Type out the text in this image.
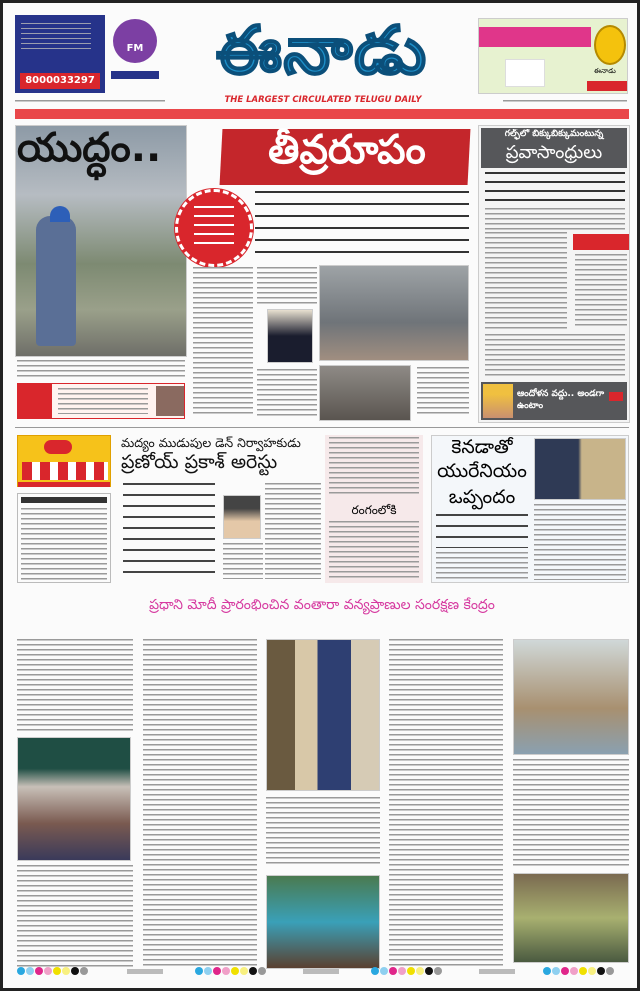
8000033297
FM	ఈనాడు
THE LARGEST CIRCULATED TELUGU DAILY
ఈనాడు
యుద్ధం..	తీవ్రరూపం	గల్ఫ్‌లో బిక్కుబిక్కుమంటున్న
ప్రవాసాంధ్రులు
ఆందోళన వద్దు.. అండగా ఉంటాం
మద్యం ముడుపుల డెన్ నిర్వాహకుడు
ప్రణోయ్ ప్రకాశ్ అరెస్టు
రంగంలోకి
కెనడాతో
యురేనియం
ఒప్పందం
ప్రధాని మోదీ ప్రారంభించిన వంతారా వన్యప్రాణుల సంరక్షణ కేంద్రం
